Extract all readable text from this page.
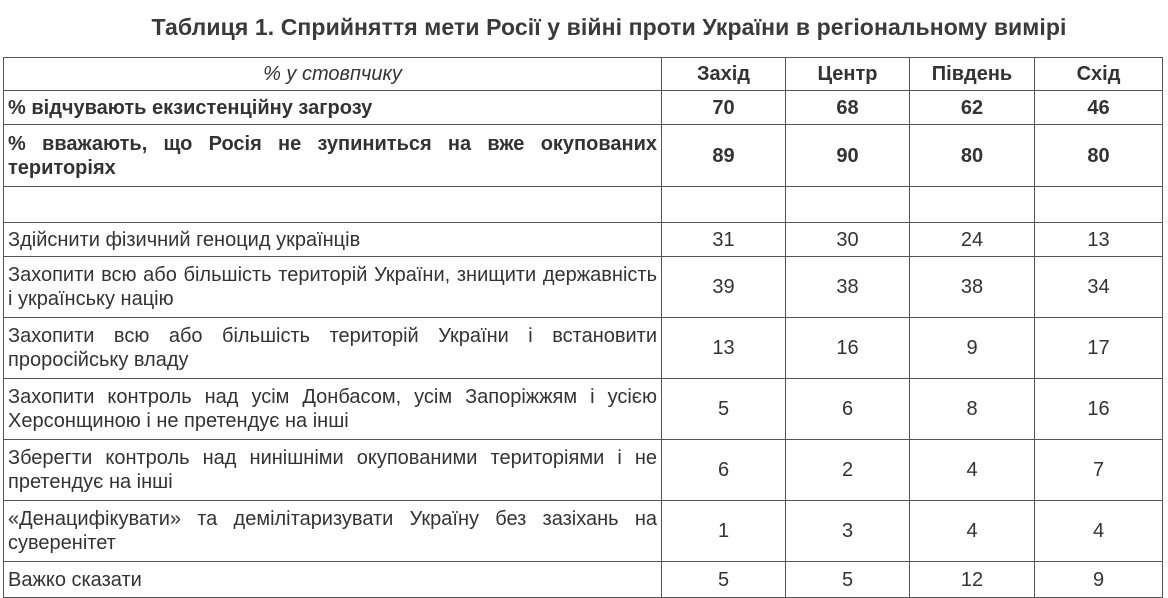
Таблиця 1. Сприйняття мети Росії у війні проти України в регіональному вимірі
% у стовпчику	Захід	Центр	Південь	Схід
% відчувають екзистенційну загрозу	70	68	62	46
% вважають, що Росія не зупиниться на вже окупованих територіях	89	90	80	80

Здійснити фізичний геноцид українців	31	30	24	13
Захопити всю або більшість територій України, знищити державність і українську націю	39	38	38	34
Захопити всю або більшість територій України і встановити проросійську владу	13	16	9	17
Захопити контроль над усім Донбасом, усім Запоріжжям і усією Херсонщиною і не претендує на інші	5	6	8	16
Зберегти контроль над нинішніми окупованими територіями і не претендує на інші	6	2	4	7
«Денацифікувати» та демілітаризувати Україну без зазіхань на суверенітет	1	3	4	4
Важко сказати	5	5	12	9
